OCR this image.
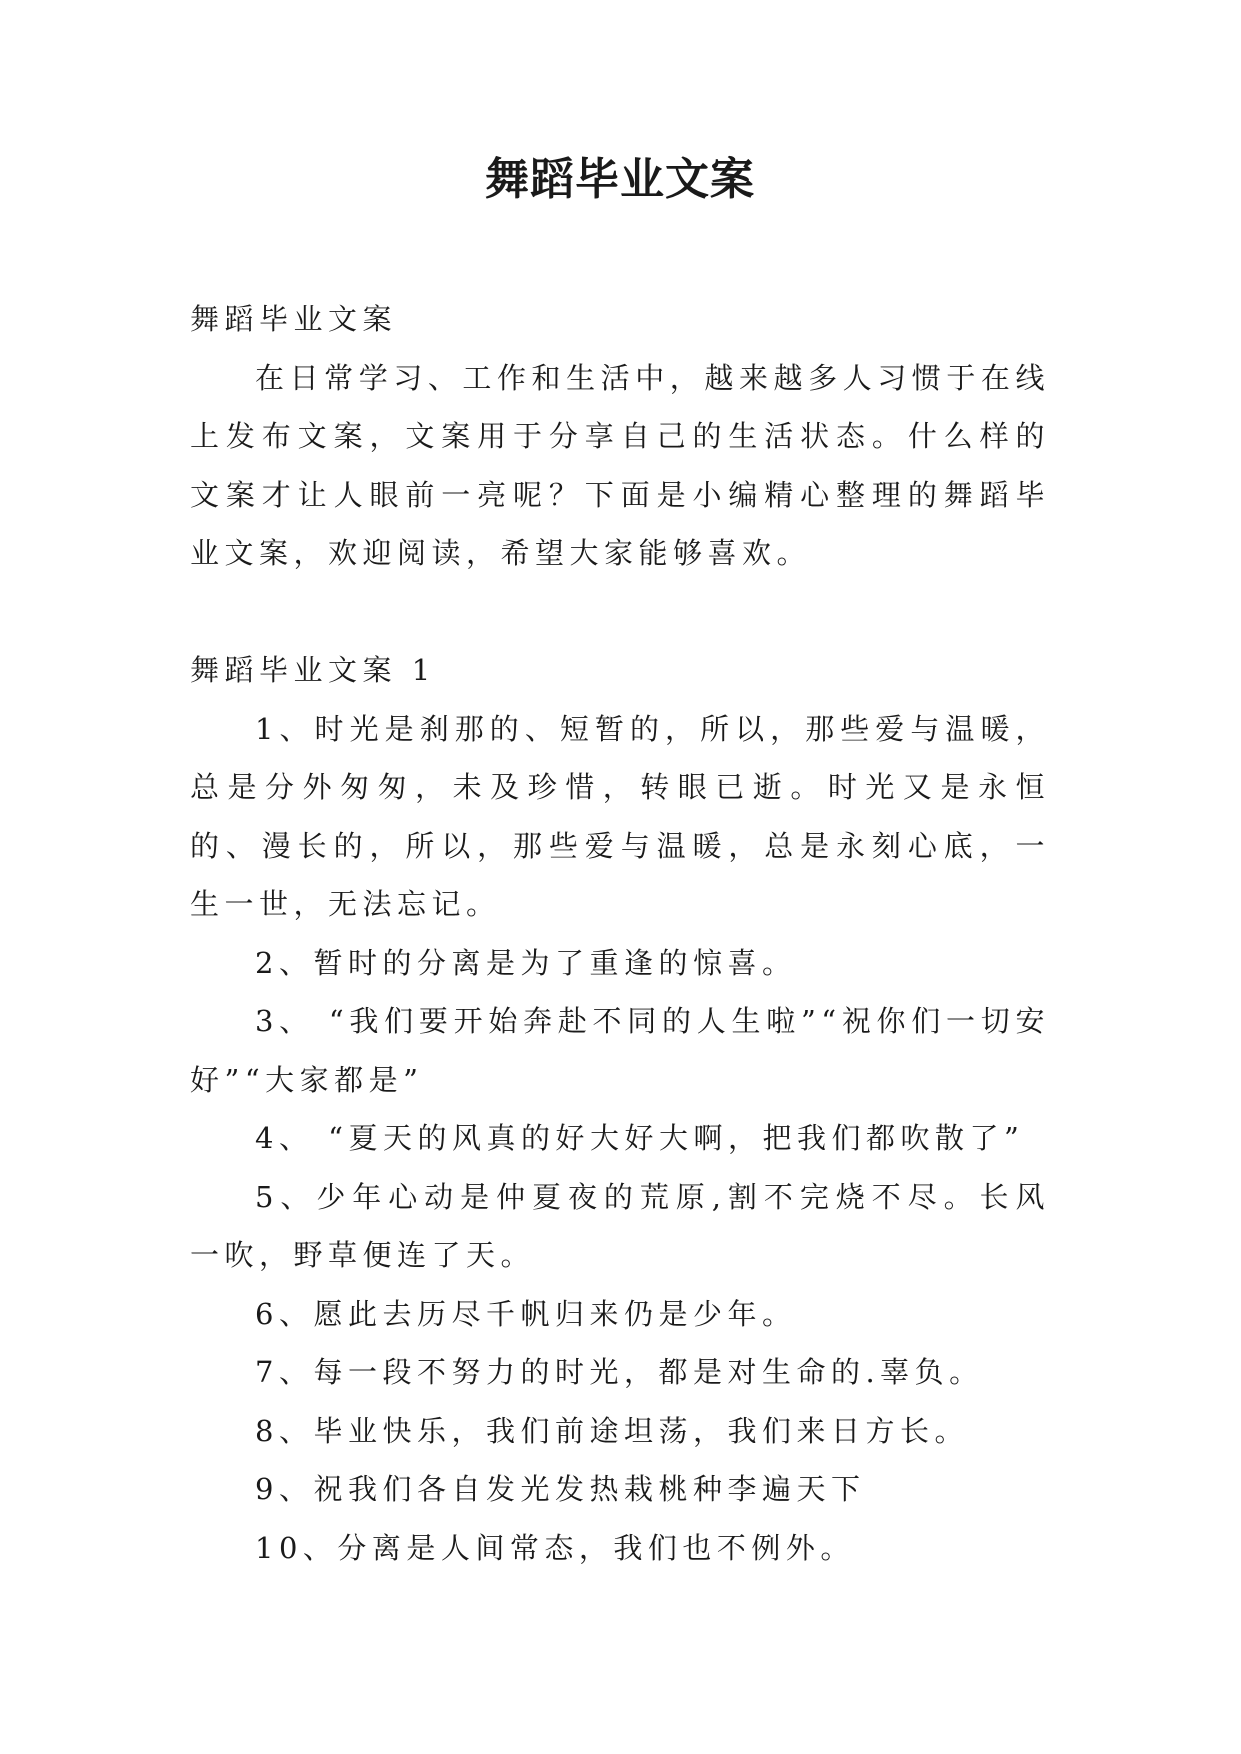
舞蹈毕业文案

舞蹈毕业文案

在日常学习、工作和生活中，越来越多人习惯于在线上发布文案，文案用于分享自己的生活状态。什么样的文案才让人眼前一亮呢？下面是小编精心整理的舞蹈毕业文案，欢迎阅读，希望大家能够喜欢。

舞蹈毕业文案 1

1、时光是刹那的、短暂的，所以，那些爱与温暖，总是分外匆匆，未及珍惜，转眼已逝。时光又是永恒的、漫长的，所以，那些爱与温暖，总是永刻心底，一生一世，无法忘记。

2、暂时的分离是为了重逢的惊喜。

3、 “我们要开始奔赴不同的人生啦”“祝你们一切安好”“大家都是”

4、 “夏天的风真的好大好大啊，把我们都吹散了”

5、少年心动是仲夏夜的荒原,割不完烧不尽。长风一吹，野草便连了天。

6、愿此去历尽千帆归来仍是少年。

7、每一段不努力的时光，都是对生命的.辜负。

8、毕业快乐，我们前途坦荡，我们来日方长。

9、祝我们各自发光发热栽桃种李遍天下

10、分离是人间常态，我们也不例外。
